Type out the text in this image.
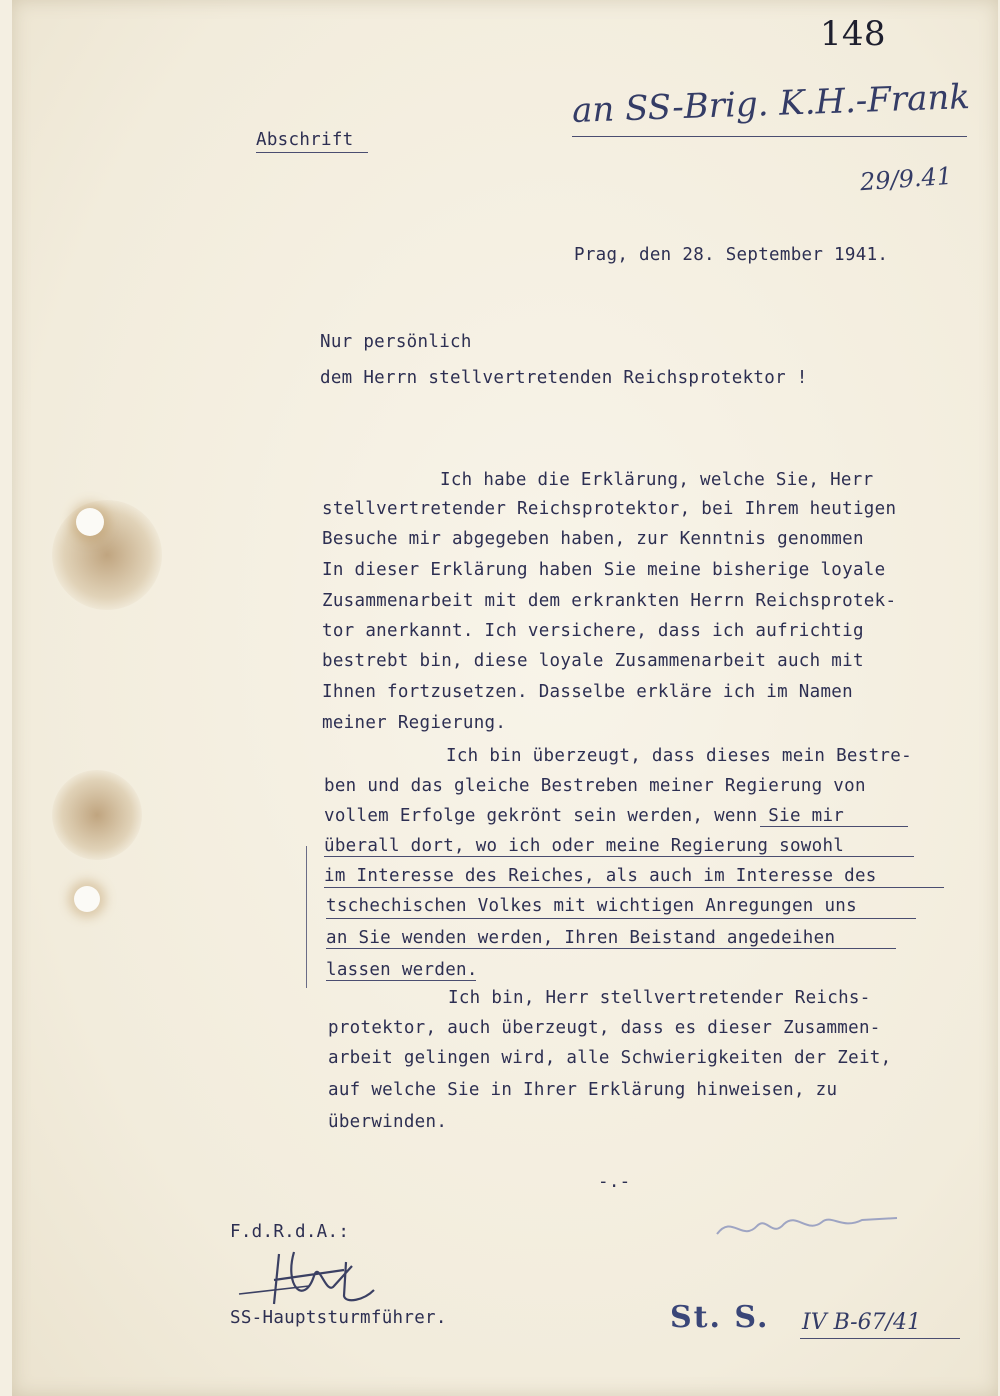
148
an SS-Brig. K.H.-Frank
29/9.41
Abschrift
Prag, den 28. September 1941.
Nur persönlich
dem Herrn stellvertretenden Reichsprotektor !
Ich habe die Erklärung, welche Sie, Herr
stellvertretender Reichsprotektor, bei Ihrem heutigen
Besuche mir abgegeben haben, zur Kenntnis genommen
In dieser Erklärung haben Sie meine bisherige loyale
Zusammenarbeit mit dem erkrankten Herrn Reichsprotek-
tor anerkannt. Ich versichere, dass ich aufrichtig
bestrebt bin, diese loyale Zusammenarbeit auch mit
Ihnen fortzusetzen. Dasselbe erkläre ich im Namen
meiner Regierung.
Ich bin überzeugt, dass dieses mein Bestre-
ben und das gleiche Bestreben meiner Regierung von
vollem Erfolge gekrönt sein werden, wenn Sie mir
überall dort, wo ich oder meine Regierung sowohl
im Interesse des Reiches, als auch im Interesse des
tschechischen Volkes mit wichtigen Anregungen uns
an Sie wenden werden, Ihren Beistand angedeihen
lassen werden.
Ich bin, Herr stellvertretender Reichs-
protektor, auch überzeugt, dass es dieser Zusammen-
arbeit gelingen wird, alle Schwierigkeiten der Zeit,
auf welche Sie in Ihrer Erklärung hinweisen, zu
überwinden.
-.-
F.d.R.d.A.:
SS-Hauptsturmführer.	St. S. IV B-67/41
